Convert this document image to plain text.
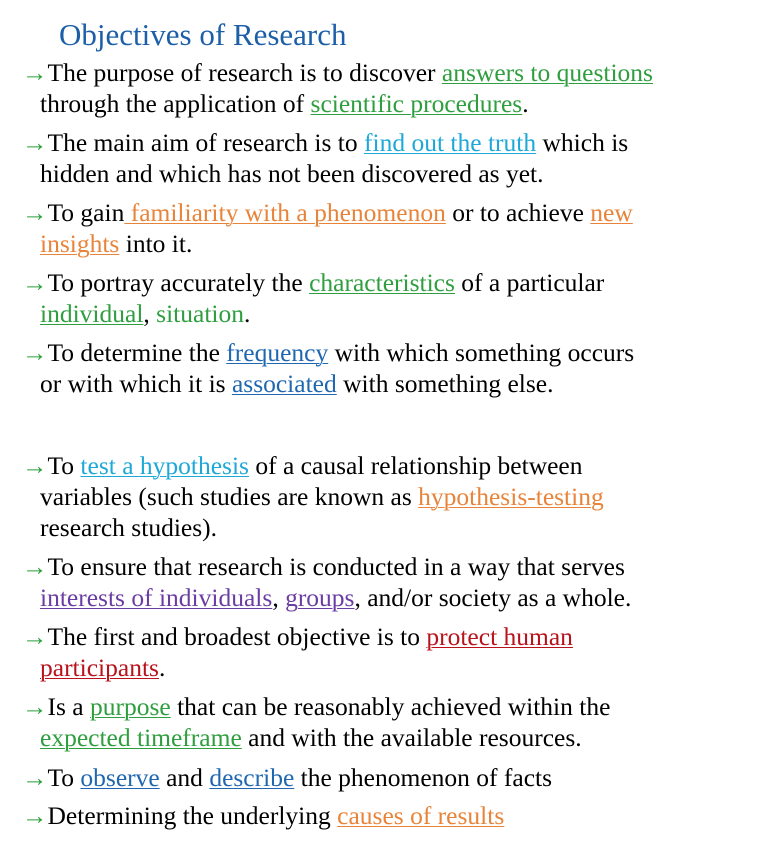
Objectives of Research
→The purpose of research is to discover answers to questions
through the application of scientific procedures.
→The main aim of research is to find out the truth which is
hidden and which has not been discovered as yet.
→To gain familiarity with a phenomenon or to achieve new
insights into it.
→To portray accurately the characteristics of a particular
individual, situation.
→To determine the frequency with which something occurs
or with which it is associated with something else.
→To test a hypothesis of a causal relationship between
variables (such studies are known as hypothesis-testing
research studies).
→To ensure that research is conducted in a way that serves
interests of individuals, groups, and/or society as a whole.
→The first and broadest objective is to protect human
participants.
→Is a purpose that can be reasonably achieved within the
expected timeframe and with the available resources.
→To observe and describe the phenomenon of facts
→Determining the underlying causes of results
